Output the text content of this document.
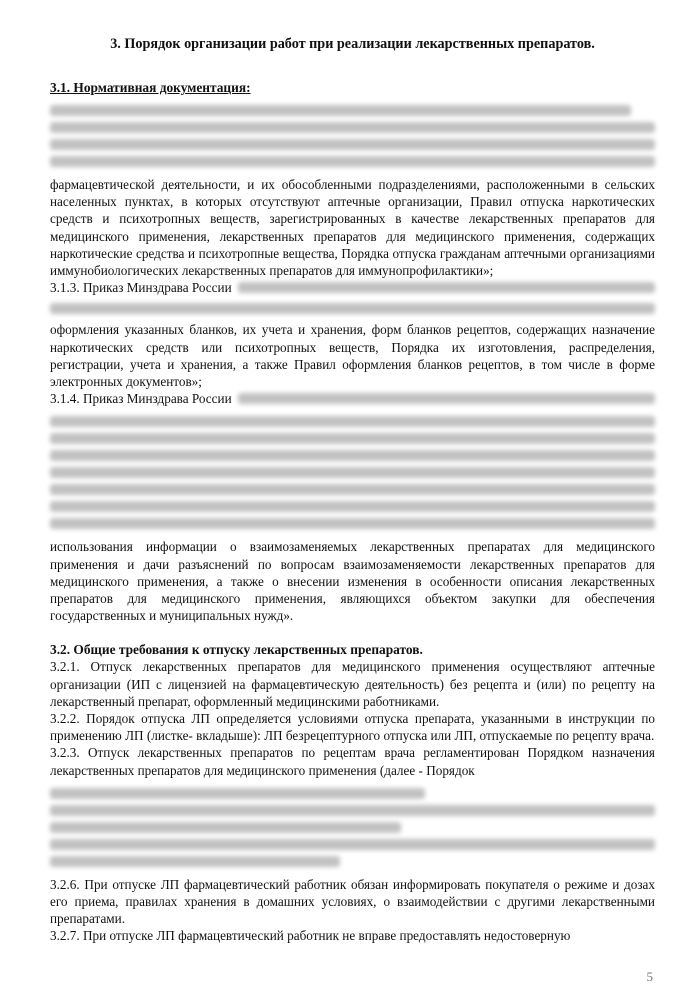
3. Порядок организации работ при реализации лекарственных препаратов.

3.1. Нормативная документация:

фармацевтической деятельности, и их обособленными подразделениями, расположенными в сельских населенных пунктах, в которых отсутствуют аптечные организации, Правил отпуска наркотических средств и психотропных веществ, зарегистрированных в качестве лекарственных препаратов для медицинского применения, лекарственных препаратов для медицинского применения, содержащих наркотические средства и психотропные вещества, Порядка отпуска гражданам аптечными организациями иммунобиологических лекарственных препаратов для иммунопрофилактики»;

3.1.3. Приказ Минздрава России

оформления указанных бланков, их учета и хранения, форм бланков рецептов, содержащих назначение наркотических средств или психотропных веществ, Порядка их изготовления, распределения, регистрации, учета и хранения, а также Правил оформления бланков рецептов, в том числе в форме электронных документов»;

3.1.4. Приказ Минздрава России

использования информации о взаимозаменяемых лекарственных препаратах для медицинского применения и дачи разъяснений по вопросам взаимозаменяемости лекарственных препаратов для медицинского применения, а также о внесении изменения в особенности описания лекарственных препаратов для медицинского применения, являющихся объектом закупки для обеспечения государственных и муниципальных нужд».

3.2. Общие требования к отпуску лекарственных препаратов.

3.2.1. Отпуск лекарственных препаратов для медицинского применения осуществляют аптечные организации (ИП с лицензией на фармацевтическую деятельность) без рецепта и (или) по рецепту на лекарственный препарат, оформленный медицинскими работниками.

3.2.2. Порядок отпуска ЛП определяется условиями отпуска препарата, указанными в инструкции по применению ЛП (листке- вкладыше): ЛП безрецептурного отпуска или ЛП, отпускаемые по рецепту врача.

3.2.3. Отпуск лекарственных препаратов по рецептам врача регламентирован Порядком назначения лекарственных препаратов для медицинского применения (далее - Порядок

3.2.6. При отпуске ЛП фармацевтический работник обязан информировать покупателя о режиме и дозах его приема, правилах хранения в домашних условиях, о взаимодействии с другими лекарственными препаратами.

3.2.7. При отпуске ЛП фармацевтический работник не вправе предоставлять недостоверную

5
